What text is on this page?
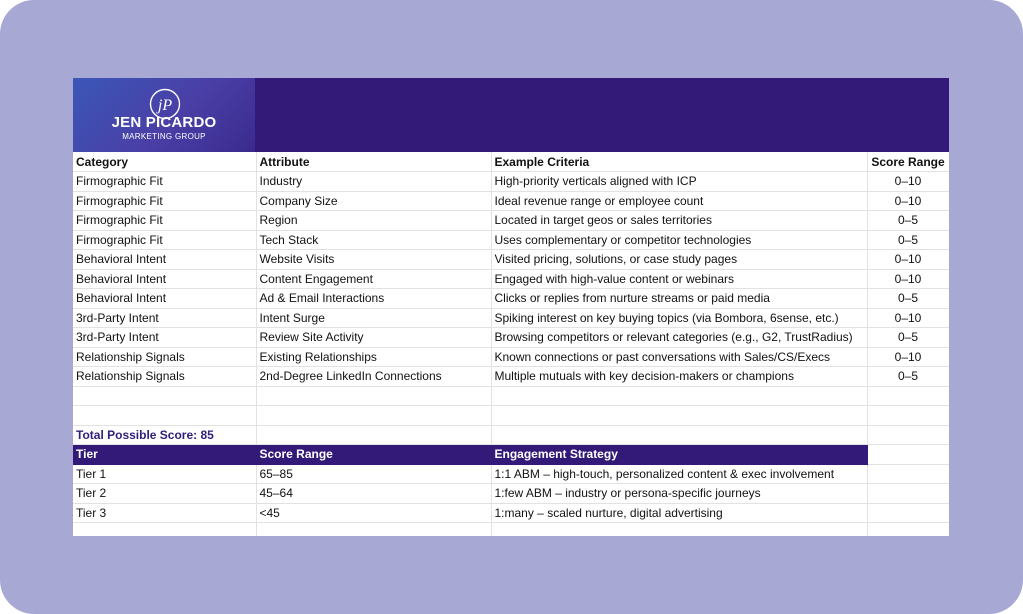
jP
JEN PICARDO
MARKETING GROUP
Category	Attribute	Example Criteria	Score Range
Firmographic Fit	Industry	High-priority verticals aligned with ICP	0–10
Firmographic Fit	Company Size	Ideal revenue range or employee count	0–10
Firmographic Fit	Region	Located in target geos or sales territories	0–5
Firmographic Fit	Tech Stack	Uses complementary or competitor technologies	0–5
Behavioral Intent	Website Visits	Visited pricing, solutions, or case study pages	0–10
Behavioral Intent	Content Engagement	Engaged with high-value content or webinars	0–10
Behavioral Intent	Ad & Email Interactions	Clicks or replies from nurture streams or paid media	0–5
3rd-Party Intent	Intent Surge	Spiking interest on key buying topics (via Bombora, 6sense, etc.)	0–10
3rd-Party Intent	Review Site Activity	Browsing competitors or relevant categories (e.g., G2, TrustRadius)	0–5
Relationship Signals	Existing Relationships	Known connections or past conversations with Sales/CS/Execs	0–10
Relationship Signals	2nd-Degree LinkedIn Connections	Multiple mutuals with key decision-makers or champions	0–5

Total Possible Score: 85			
Tier	Score Range	Engagement Strategy	
Tier 1	65–85	1:1 ABM – high-touch, personalized content & exec involvement	
Tier 2	45–64	1:few ABM – industry or persona-specific journeys	
Tier 3	<45	1:many – scaled nurture, digital advertising	
